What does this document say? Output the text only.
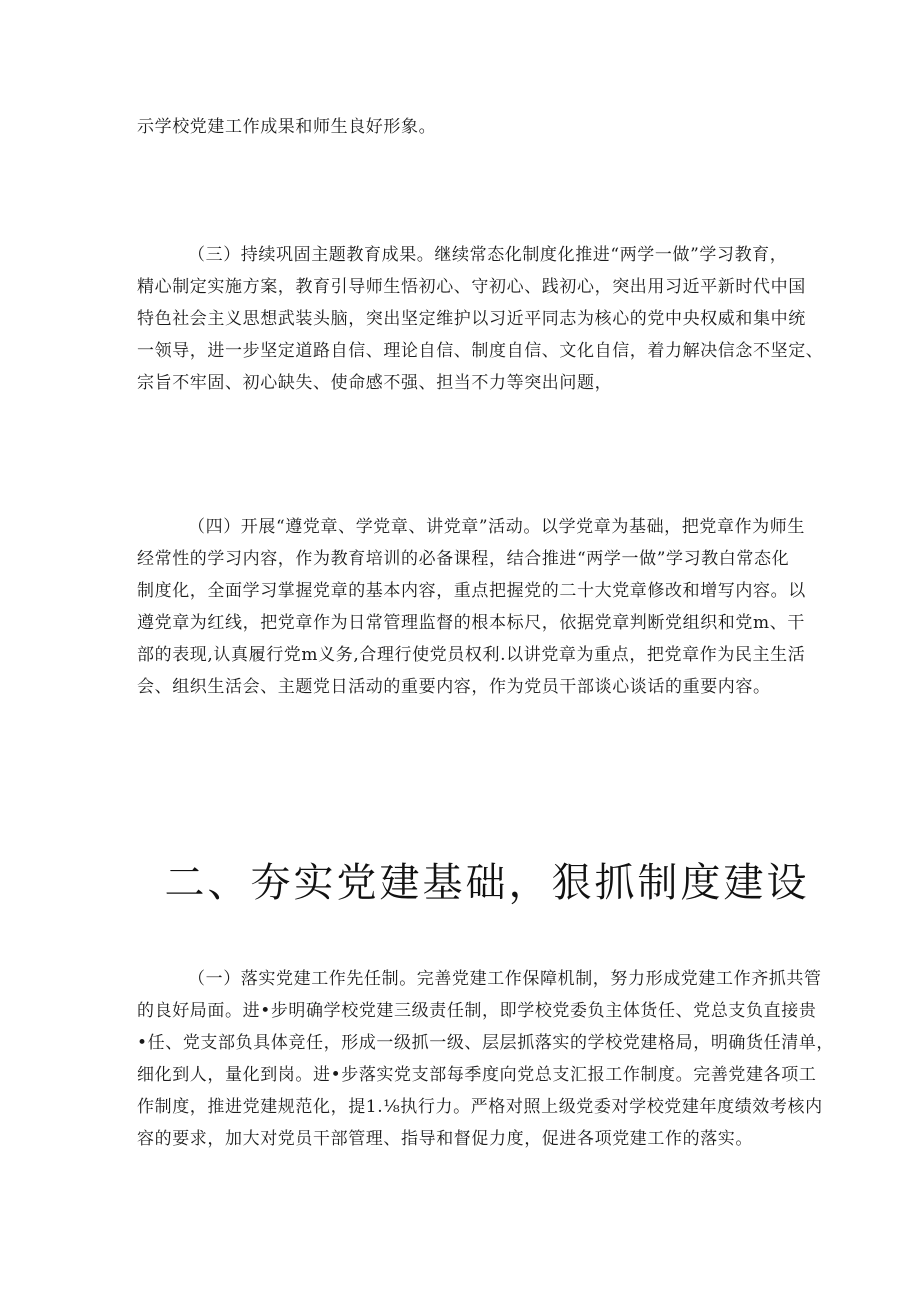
示学校党建工作成果和师生良好形象。
（三）持续巩固主题教育成果。继续常态化制度化推进“两学一做”学习教育，
精心制定实施方案，教育引导师生悟初心、守初心、践初心，突出用习近平新时代中国
特色社会主义思想武装头脑，突出坚定维护以习近平同志为核心的党中央权威和集中统
一领导，进一步坚定道路自信、理论自信、制度自信、文化自信，着力解决信念不坚定、
宗旨不牢固、初心缺失、使命感不强、担当不力等突出问题，
（四）开展“遵党章、学党章、讲党章”活动。以学党章为基础，把党章作为师生
经常性的学习内容，作为教育培训的必备课程，结合推进“两学一做”学习教白常态化
制度化，全面学习掌握党章的基本内容，重点把握党的二十大党章修改和增写内容。以
遵党章为红线，把党章作为日常管理监督的根本标尺，依据党章判断党组织和党m、干
部的表现,认真履行党m义务,合理行使党员权利.以讲党章为重点，把党章作为民主生活
会、组织生活会、主题党日活动的重要内容，作为党员干部谈心谈话的重要内容。
二、夯实党建基础，狠抓制度建设
（一）落实党建工作先任制。完善党建工作保障机制，努力形成党建工作齐抓共管
的良好局面。进•步明确学校党建三级责任制，即学校党委负主体货任、党总支负直接贵
•任、党支部负具体竞任，形成一级抓一级、层层抓落实的学校党建格局，明确货任清单，
细化到人，量化到岗。进•步落实党支部每季度向党总支汇报工作制度。完善党建各项工
作制度，推进党建规范化，提1.⅛执行力。严格对照上级党委对学校党建年度绩效考核内
容的要求，加大对党员干部管理、指导和督促力度，促进各项党建工作的落实。
